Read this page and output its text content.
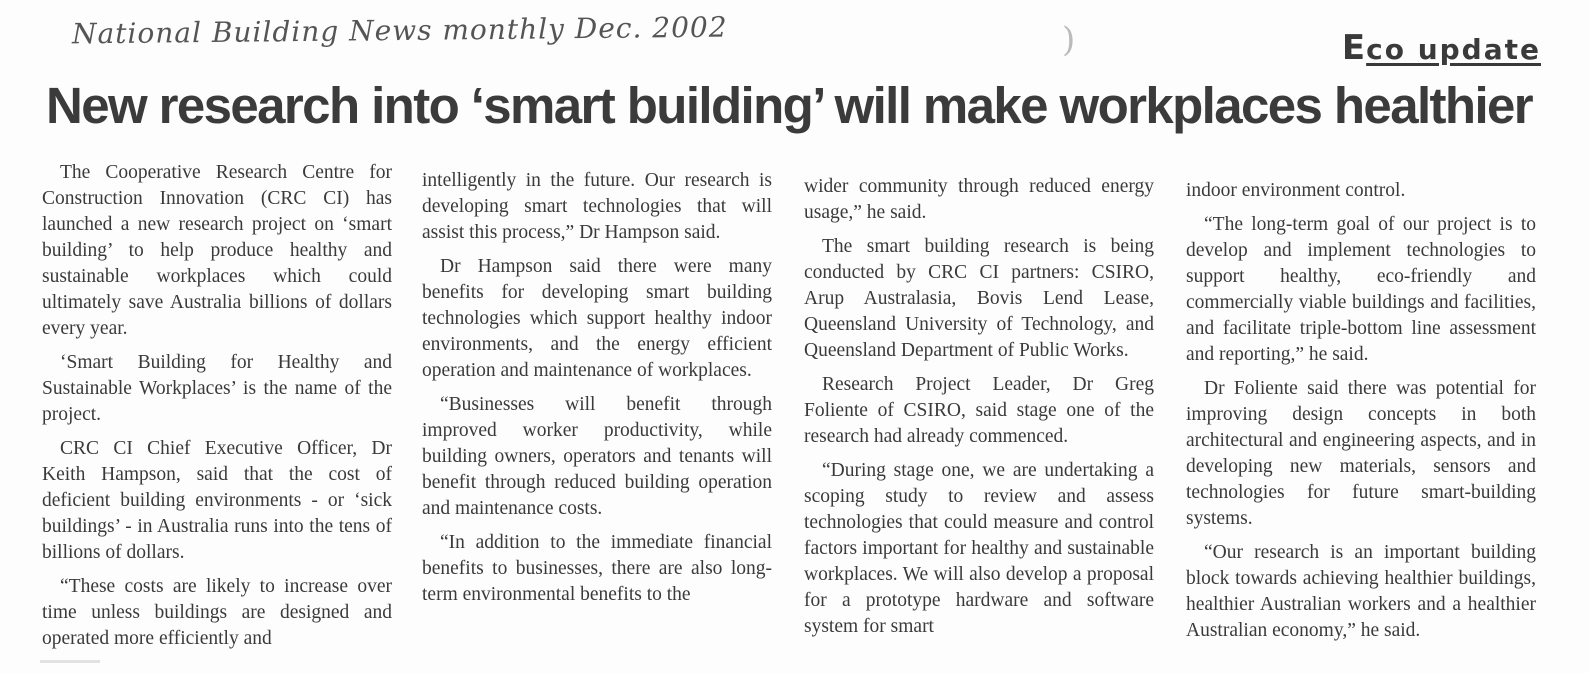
National Building News monthly Dec. 2002	)	Eco update
New research into ‘smart building’ will make workplaces healthier

The Cooperative Research Centre for Construction Innovation (CRC CI) has launched a new research project on ‘smart building’ to help produce healthy and sustainable workplaces which could ultimately save Australia billions of dollars every year.

‘Smart Building for Healthy and Sustainable Workplaces’ is the name of the project.

CRC CI Chief Executive Officer, Dr Keith Hampson, said that the cost of deficient building environments - or ‘sick buildings’ - in Australia runs into the tens of billions of dollars.

“These costs are likely to increase over time unless buildings are designed and operated more efficiently and

intelligently in the future. Our research is developing smart technologies that will assist this process,” Dr Hampson said.

Dr Hampson said there were many benefits for developing smart building technologies which support healthy indoor environments, and the energy efficient operation and maintenance of workplaces.

“Businesses will benefit through improved worker productivity, while building owners, operators and tenants will benefit through reduced building operation and maintenance costs.

“In addition to the immediate financial benefits to businesses, there are also long-term environmental benefits to the

wider community through reduced energy usage,” he said.

The smart building research is being conducted by CRC CI partners: CSIRO, Arup Australasia, Bovis Lend Lease, Queensland University of Technology, and Queensland Department of Public Works.

Research Project Leader, Dr Greg Foliente of CSIRO, said stage one of the research had already commenced.

“During stage one, we are undertaking a scoping study to review and assess technologies that could measure and control factors important for healthy and sustainable workplaces. We will also develop a proposal for a prototype hardware and software system for smart

indoor environment control.

“The long-term goal of our project is to develop and implement technologies to support healthy, eco-friendly and commercially viable buildings and facilities, and facilitate triple-bottom line assessment and reporting,” he said.

Dr Foliente said there was potential for improving design concepts in both architectural and engineering aspects, and in developing new materials, sensors and technologies for future smart-building systems.

“Our research is an important building block towards achieving healthier buildings, healthier Australian workers and a healthier Australian economy,” he said.
